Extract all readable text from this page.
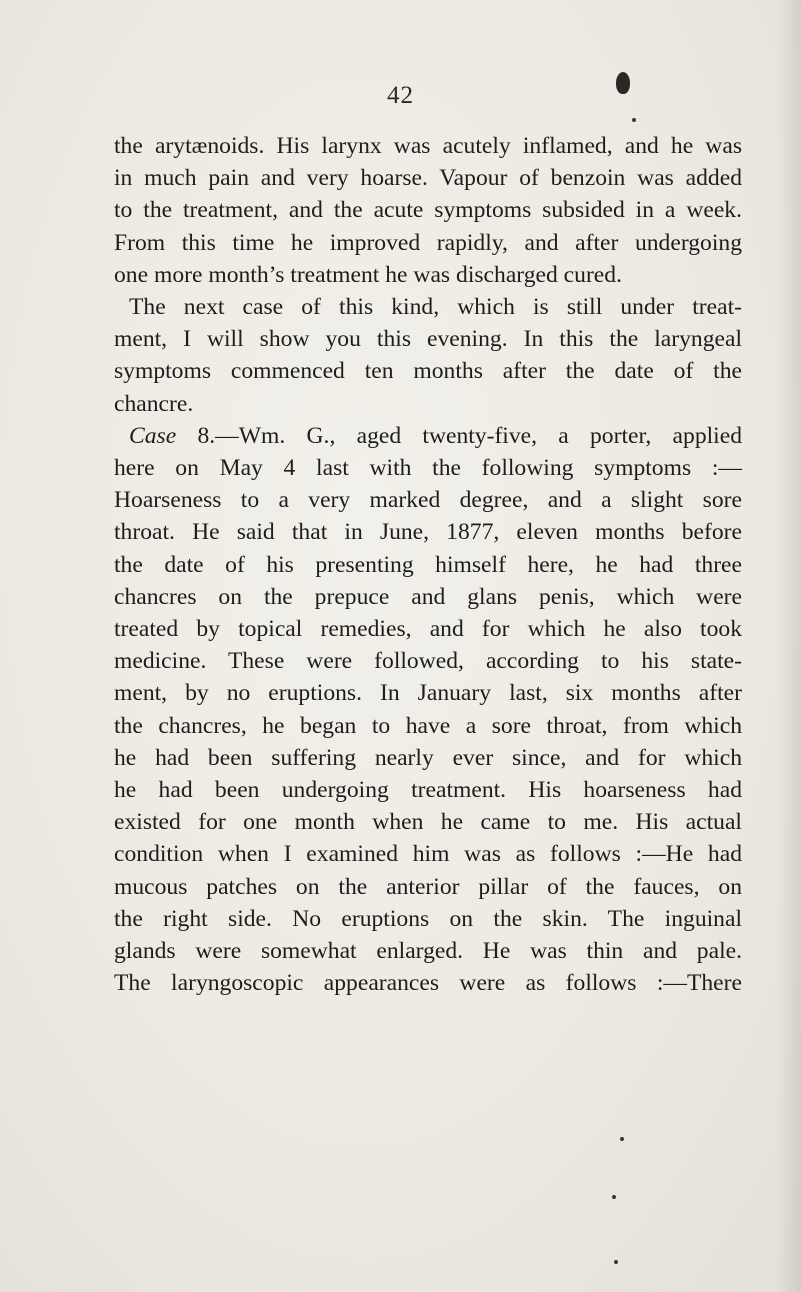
42
the arytænoids. His larynx was acutely inflamed, and he was
in much pain and very hoarse. Vapour of benzoin was added
to the treatment, and the acute symptoms subsided in a week.
From this time he improved rapidly, and after undergoing
one more month’s treatment he was discharged cured.
The next case of this kind, which is still under treat-
ment, I will show you this evening. In this the laryngeal
symptoms commenced ten months after the date of the
chancre.
Case 8.—Wm. G., aged twenty-five, a porter, applied
here on May 4 last with the following symptoms :—
Hoarseness to a very marked degree, and a slight sore
throat. He said that in June, 1877, eleven months before
the date of his presenting himself here, he had three
chancres on the prepuce and glans penis, which were
treated by topical remedies, and for which he also took
medicine. These were followed, according to his state-
ment, by no eruptions. In January last, six months after
the chancres, he began to have a sore throat, from which
he had been suffering nearly ever since, and for which
he had been undergoing treatment. His hoarseness had
existed for one month when he came to me. His actual
condition when I examined him was as follows :—He had
mucous patches on the anterior pillar of the fauces, on
the right side. No eruptions on the skin. The inguinal
glands were somewhat enlarged. He was thin and pale.
The laryngoscopic appearances were as follows :—There
